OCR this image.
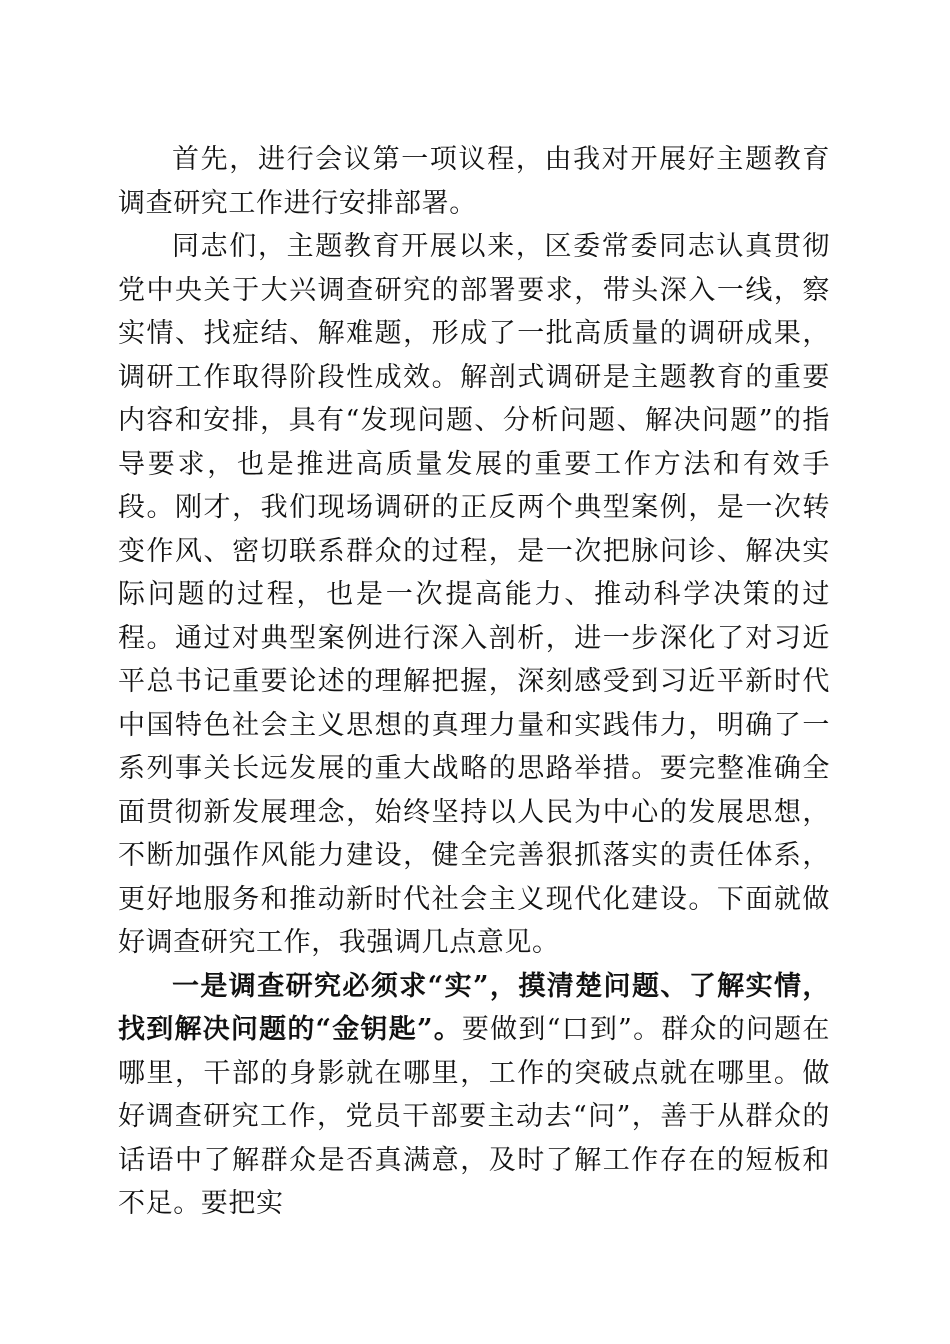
首先，进行会议第一项议程，由我对开展好主题教育调查研究工作进行安排部署。

同志们，主题教育开展以来，区委常委同志认真贯彻党中央关于大兴调查研究的部署要求，带头深入一线，察实情、找症结、解难题，形成了一批高质量的调研成果，调研工作取得阶段性成效。解剖式调研是主题教育的重要内容和安排，具有“发现问题、分析问题、解决问题”的指导要求，也是推进高质量发展的重要工作方法和有效手段。刚才，我们现场调研的正反两个典型案例，是一次转变作风、密切联系群众的过程，是一次把脉问诊、解决实际问题的过程，也是一次提高能力、推动科学决策的过程。通过对典型案例进行深入剖析，进一步深化了对习近平总书记重要论述的理解把握，深刻感受到习近平新时代中国特色社会主义思想的真理力量和实践伟力，明确了一系列事关长远发展的重大战略的思路举措。要完整准确全面贯彻新发展理念，始终坚持以人民为中心的发展思想，不断加强作风能力建设，健全完善狠抓落实的责任体系，更好地服务和推动新时代社会主义现代化建设。下面就做好调查研究工作，我强调几点意见。

一是调查研究必须求“实”，摸清楚问题、了解实情，找到解决问题的“金钥匙”。要做到“口到”。群众的问题在哪里，干部的身影就在哪里，工作的突破点就在哪里。做好调查研究工作，党员干部要主动去“问”，善于从群众的话语中了解群众是否真满意，及时了解工作存在的短板和不足。要把实
